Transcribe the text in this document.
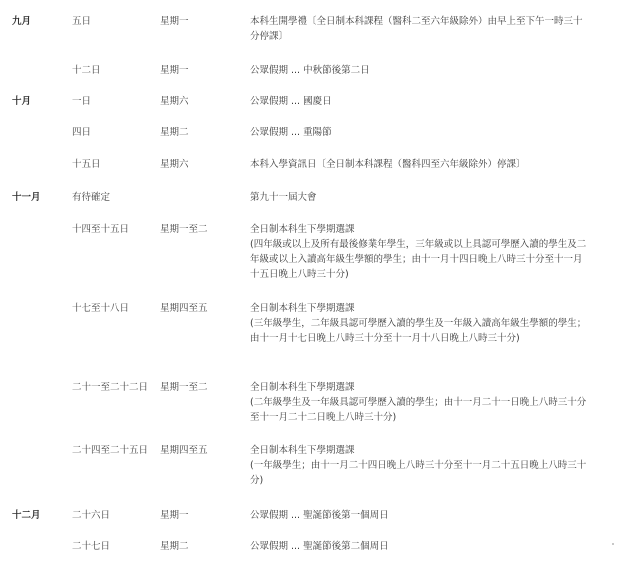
九月	五日	星期一	本科生開學禮〔全日制本科課程（醫科二至六年級除外）由早上至下午一時三十分停課〕
十二日	星期一	公眾假期 ... 中秋節後第二日
十月	一日	星期六	公眾假期 ... 國慶日
四日	星期二	公眾假期 ... 重陽節
十五日	星期六	本科入學資訊日〔全日制本科課程（醫科四至六年級除外）停課〕
十一月	有待確定	第九十一屆大會
十四至十五日	星期一至二	全日制本科生下學期選課
(四年級或以上及所有最後修業年學生，三年級或以上具認可學歷入讀的學生及二年級或以上入讀高年級生學額的學生；由十一月十四日晚上八時三十分至十一月十五日晚上八時三十分)
十七至十八日	星期四至五	全日制本科生下學期選課
(三年級學生，二年級具認可學歷入讀的學生及一年級入讀高年級生學額的學生；由十一月十七日晚上八時三十分至十一月十八日晚上八時三十分)
二十一至二十二日 星期一至二	全日制本科生下學期選課
(二年級學生及一年級具認可學歷入讀的學生；由十一月二十一日晚上八時三十分至十一月二十二日晚上八時三十分)
二十四至二十五日 星期四至五	全日制本科生下學期選課
(一年級學生；由十一月二十四日晚上八時三十分至十一月二十五日晚上八時三十分)
十二月	二十六日	星期一	公眾假期 ... 聖誕節後第一個周日
二十七日	星期二	公眾假期 ... 聖誕節後第二個周日
